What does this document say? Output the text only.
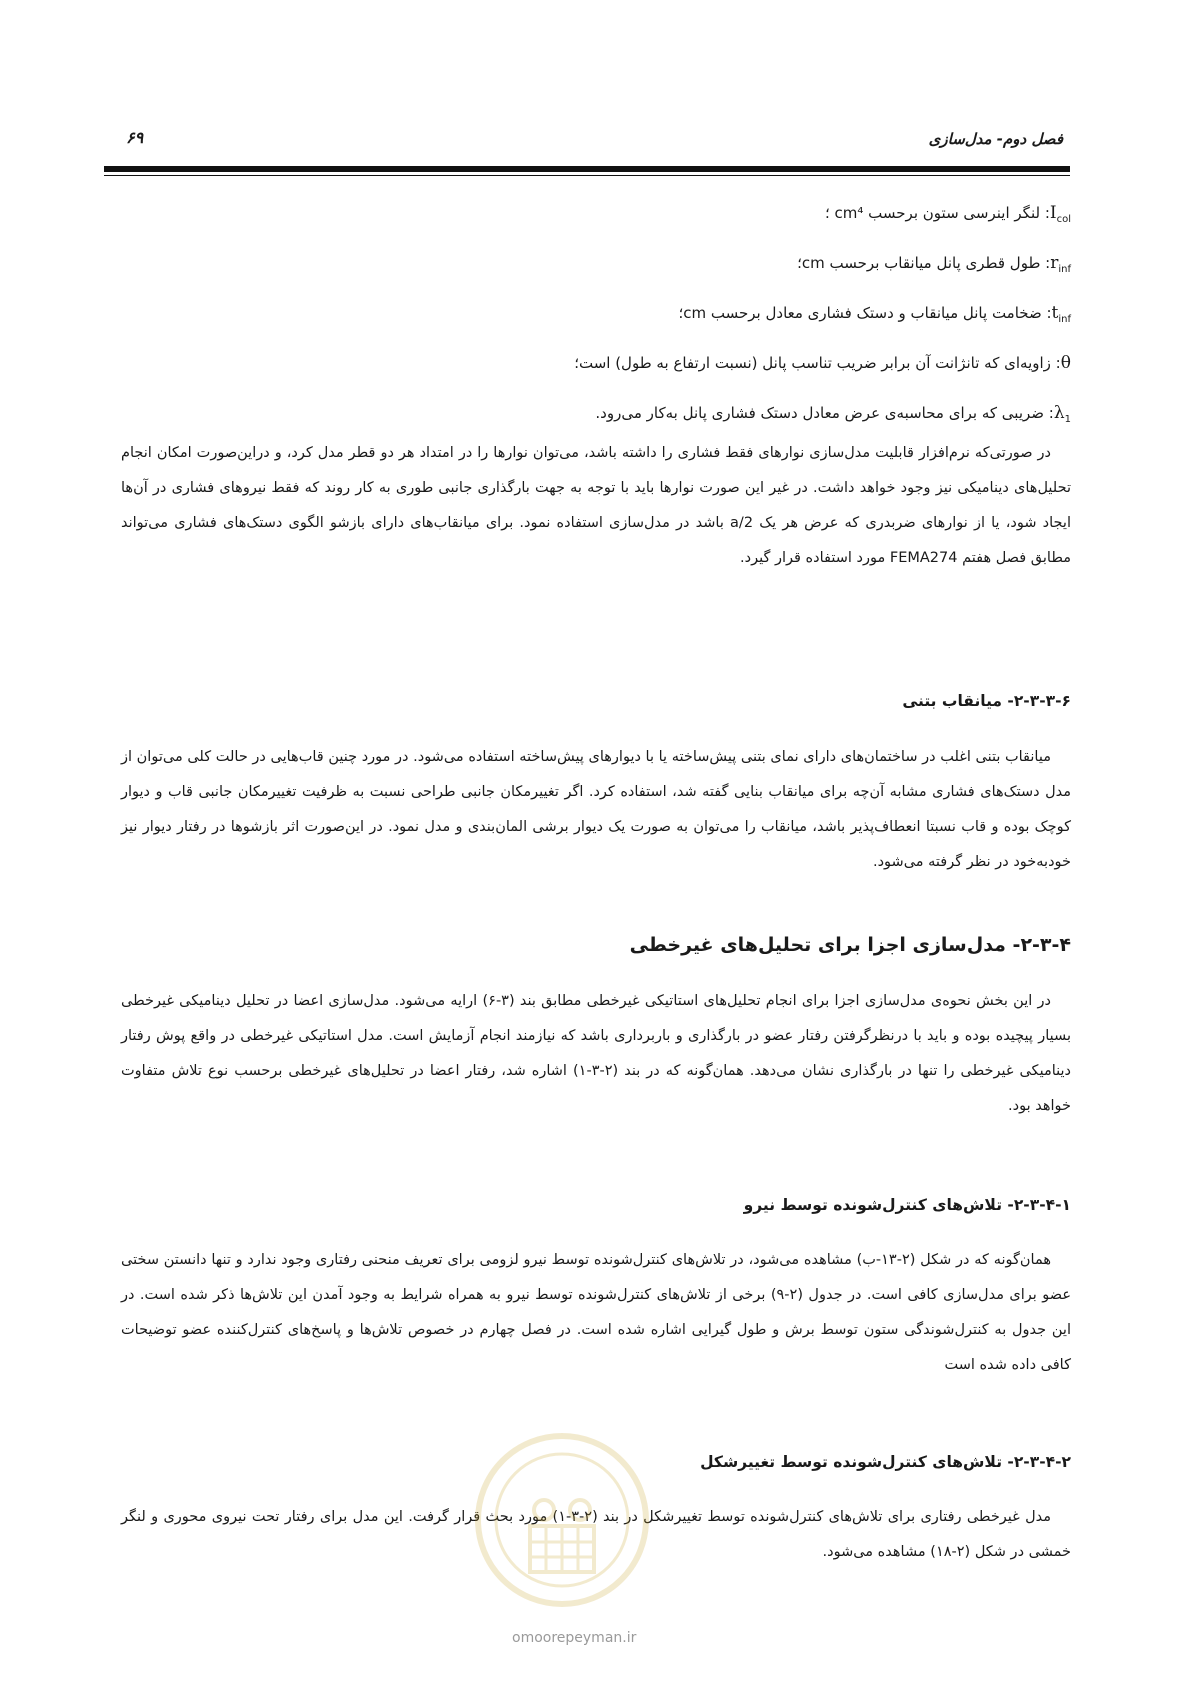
فصل دوم- مدل‌سازی
۶۹
$I_{col}$: لنگر اینرسی ستون برحسب cm⁴ ؛
$r_{inf}$: طول قطری پانل میانقاب برحسب cm؛
$t_{inf}$: ضخامت پانل میانقاب و دستک فشاری معادل برحسب cm؛
θ: زاویه‌ای که تانژانت آن برابر ضریب تناسب پانل (نسبت ارتفاع به طول) است؛
$\lambda_1$: ضریبی که برای محاسبه‌ی عرض معادل دستک فشاری پانل به‌کار می‌رود.

در صورتی‌که نرم‌افزار قابلیت مدل‌سازی نوارهای فقط فشاری را داشته باشد، می‌توان نوارها را در امتداد هر دو قطر مدل کرد، و دراین‌صورت امکان انجام تحلیل‌های دینامیکی نیز وجود خواهد داشت. در غیر این صورت نوارها باید با توجه به جهت بارگذاری جانبی طوری به کار روند که فقط نیروهای فشاری در آن‌ها ایجاد شود، یا از نوارهای ضربدری که عرض هر یک a/2 باشد در مدل‌سازی استفاده نمود. برای میانقاب‌های دارای بازشو الگوی دستک‌های فشاری می‌تواند مطابق فصل هفتم FEMA274 مورد استفاده قرار گیرد.

۲-۳-۳-۶- میانقاب بتنی

میانقاب بتنی اغلب در ساختمان‌های دارای نمای بتنی پیش‌ساخته یا با دیوارهای پیش‌ساخته استفاده می‌شود. در مورد چنین قاب‌هایی در حالت کلی می‌توان از مدل دستک‌های فشاری مشابه آن‌چه برای میانقاب بنایی گفته شد، استفاده کرد. اگر تغییرمکان جانبی طراحی نسبت به ظرفیت تغییرمکان جانبی قاب و دیوار کوچک بوده و قاب نسبتا انعطاف‌پذیر باشد، میانقاب را می‌توان به صورت یک دیوار برشی المان‌بندی و مدل نمود. در این‌صورت اثر بازشوها در رفتار دیوار نیز خودبه‌خود در نظر گرفته می‌شود.

۲-۳-۴- مدل‌سازی اجزا برای تحلیل‌های غیرخطی

در این بخش نحوه‌ی مدل‌سازی اجزا برای انجام تحلیل‌های استاتیکی غیرخطی مطابق بند (۳-۶) ارایه می‌شود. مدل‌سازی اعضا در تحلیل دینامیکی غیرخطی بسیار پیچیده بوده و باید با درنظرگرفتن رفتار عضو در بارگذاری و باربرداری باشد که نیازمند انجام آزمایش است. مدل استاتیکی غیرخطی در واقع پوش رفتار دینامیکی غیرخطی را تنها در بارگذاری نشان می‌دهد. همان‌گونه که در بند (۲-۳-۱) اشاره شد، رفتار اعضا در تحلیل‌های غیرخطی برحسب نوع تلاش متفاوت خواهد بود.

۲-۳-۴-۱- تلاش‌های کنترل‌شونده توسط نیرو

همان‌گونه که در شکل (۲-۱۳-ب) مشاهده می‌شود، در تلاش‌های کنترل‌شونده توسط نیرو لزومی برای تعریف منحنی رفتاری وجود ندارد و تنها دانستن سختی عضو برای مدل‌سازی کافی است. در جدول (۲-۹) برخی از تلاش‌های کنترل‌شونده توسط نیرو به همراه شرایط به وجود آمدن این تلاش‌ها ذکر شده است. در این جدول به کنترل‌شوندگی ستون توسط برش و طول گیرایی اشاره شده است. در فصل چهارم در خصوص تلاش‌ها و پاسخ‌های کنترل‌کننده عضو توضیحات کافی داده شده است

۲-۳-۴-۲- تلاش‌های کنترل‌شونده توسط تغییرشکل

مدل غیرخطی رفتاری برای تلاش‌های کنترل‌شونده توسط تغییرشکل در بند (۲-۳-۱) مورد بحث قرار گرفت. این مدل برای رفتار تحت نیروی محوری و لنگر خمشی در شکل (۲-۱۸) مشاهده می‌شود.

omoorepeyman.ir
